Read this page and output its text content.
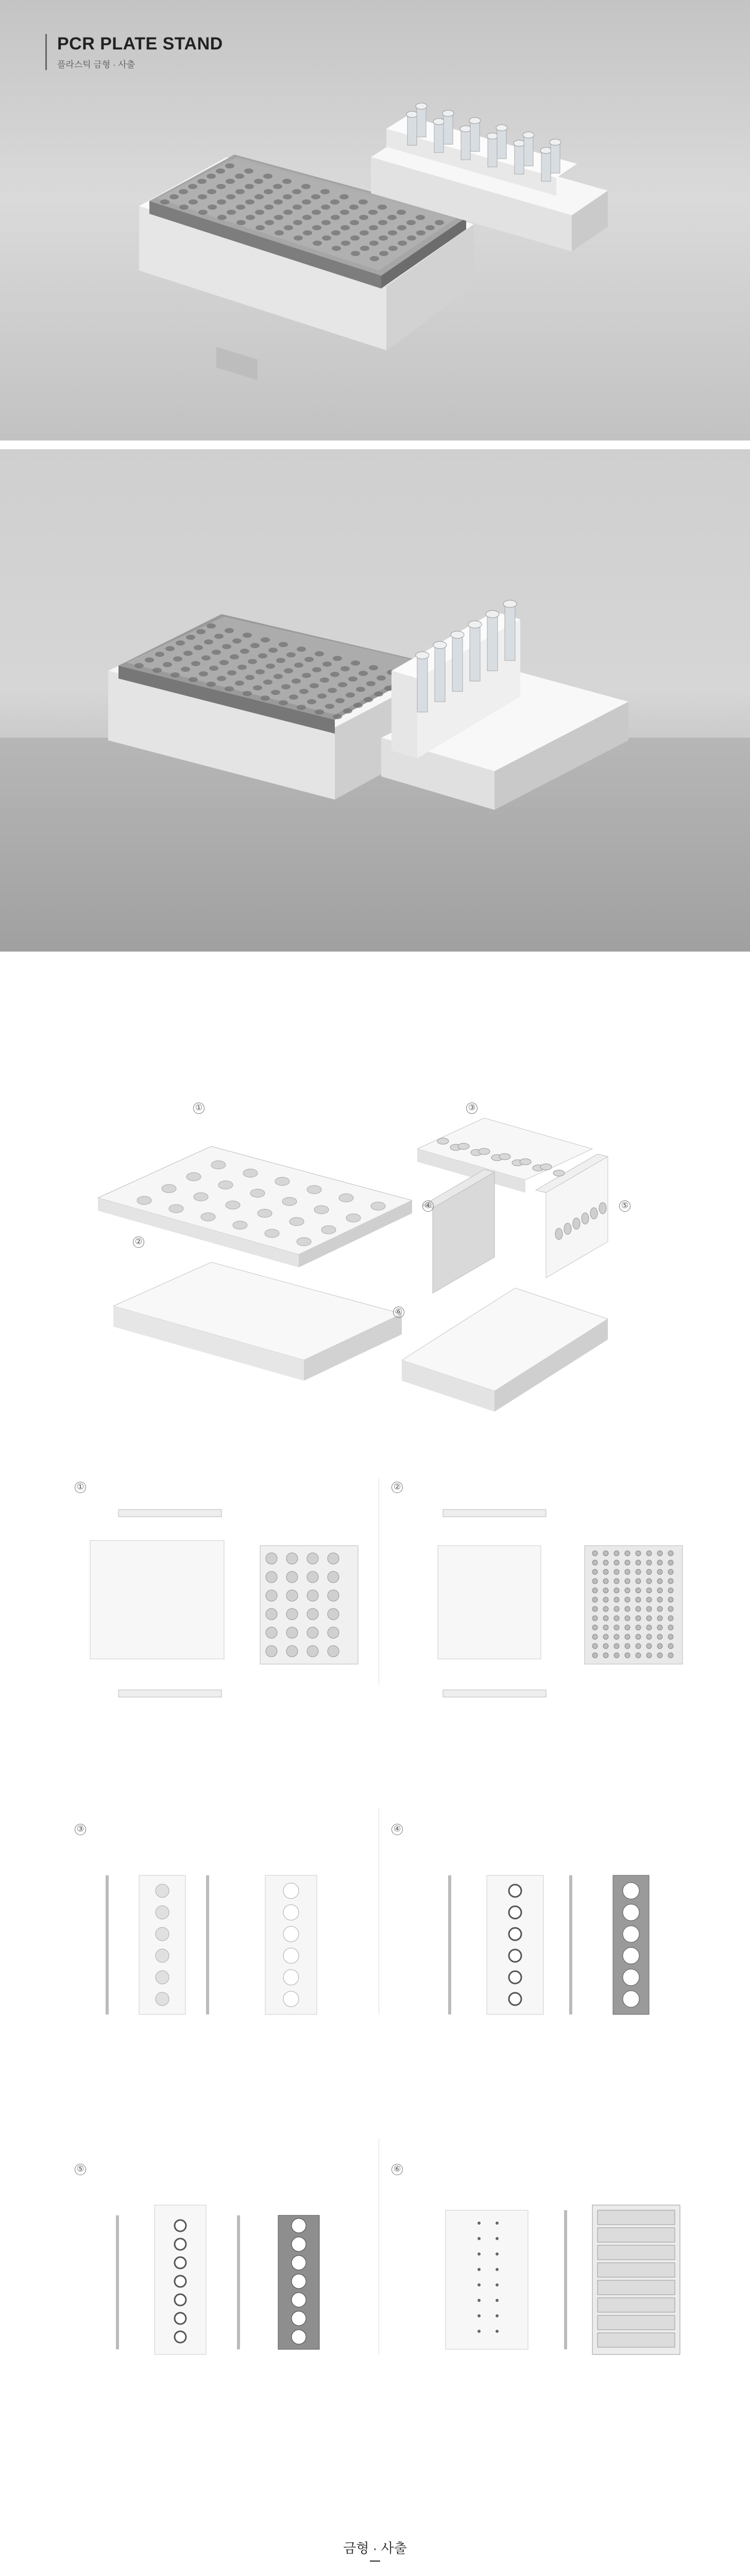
PCR PLATE STAND

플라스틱 금형 · 사출

①	③
②
④	⑤
⑥
①	②
③	④
⑤	⑥
금형 · 사출
